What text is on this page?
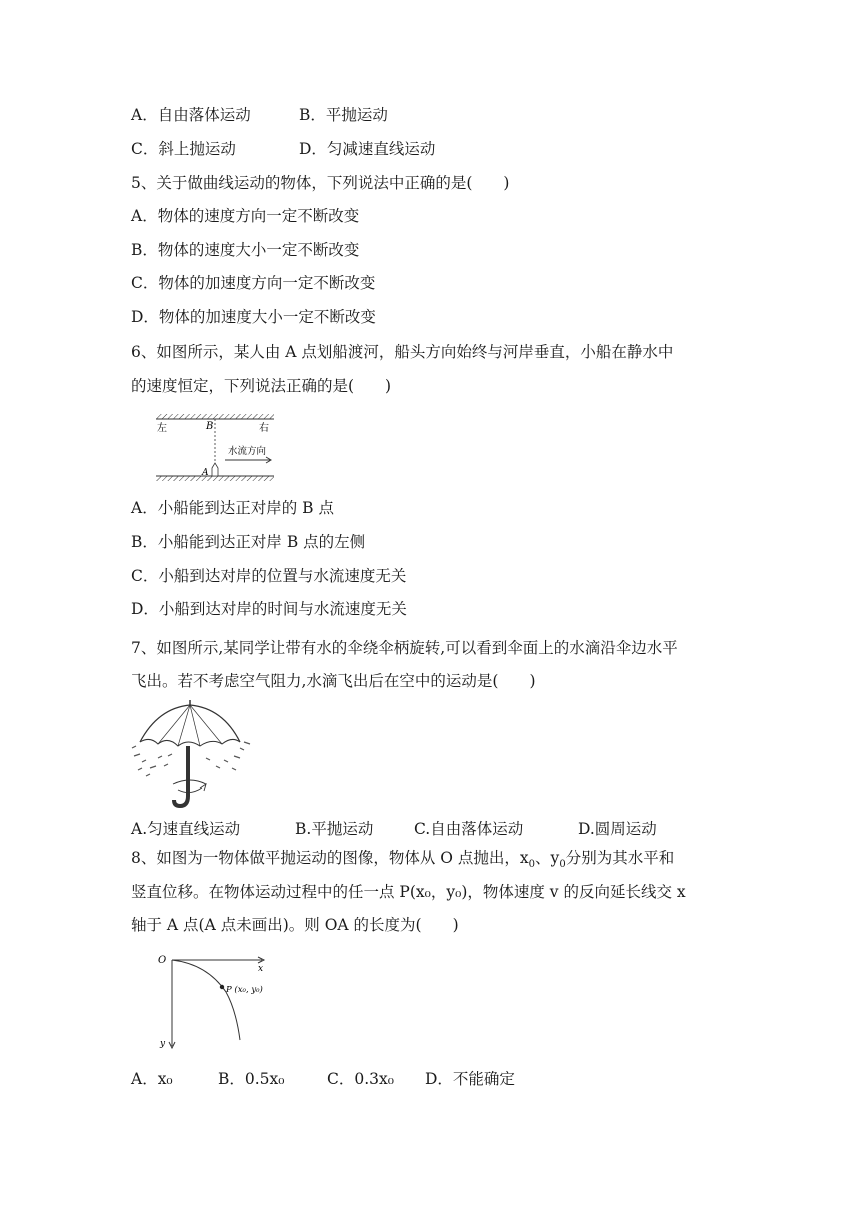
A．自由落体运动	B．平抛运动
C．斜上抛运动	D．匀减速直线运动
5、关于做曲线运动的物体，下列说法中正确的是(　　)
A．物体的速度方向一定不断改变
B．物体的速度大小一定不断改变
C．物体的加速度方向一定不断改变
D．物体的加速度大小一定不断改变
6、如图所示，某人由 A 点划船渡河，船头方向始终与河岸垂直，小船在静水中
的速度恒定，下列说法正确的是(　　)
左	右
B
A
水流方向
A．小船能到达正对岸的 B 点
B．小船能到达正对岸 B 点的左侧
C．小船到达对岸的位置与水流速度无关
D．小船到达对岸的时间与水流速度无关
7、如图所示,某同学让带有水的伞绕伞柄旋转,可以看到伞面上的水滴沿伞边水平
飞出。若不考虑空气阻力,水滴飞出后在空中的运动是(　　)
A.匀速直线运动	B.平抛运动	C.自由落体运动	D.圆周运动
8、如图为一物体做平抛运动的图像，物体从 O 点抛出，$x_0$、$y_0$分别为其水平和
竖直位移。在物体运动过程中的任一点 P(x₀，y₀)，物体速度 v 的反向延长线交 x
轴于 A 点(A 点未画出)。则 OA 的长度为(　　)
O
x
y
P (x₀, y₀)
A．x₀	B．0.5x₀	C．0.3x₀ D．不能确定
